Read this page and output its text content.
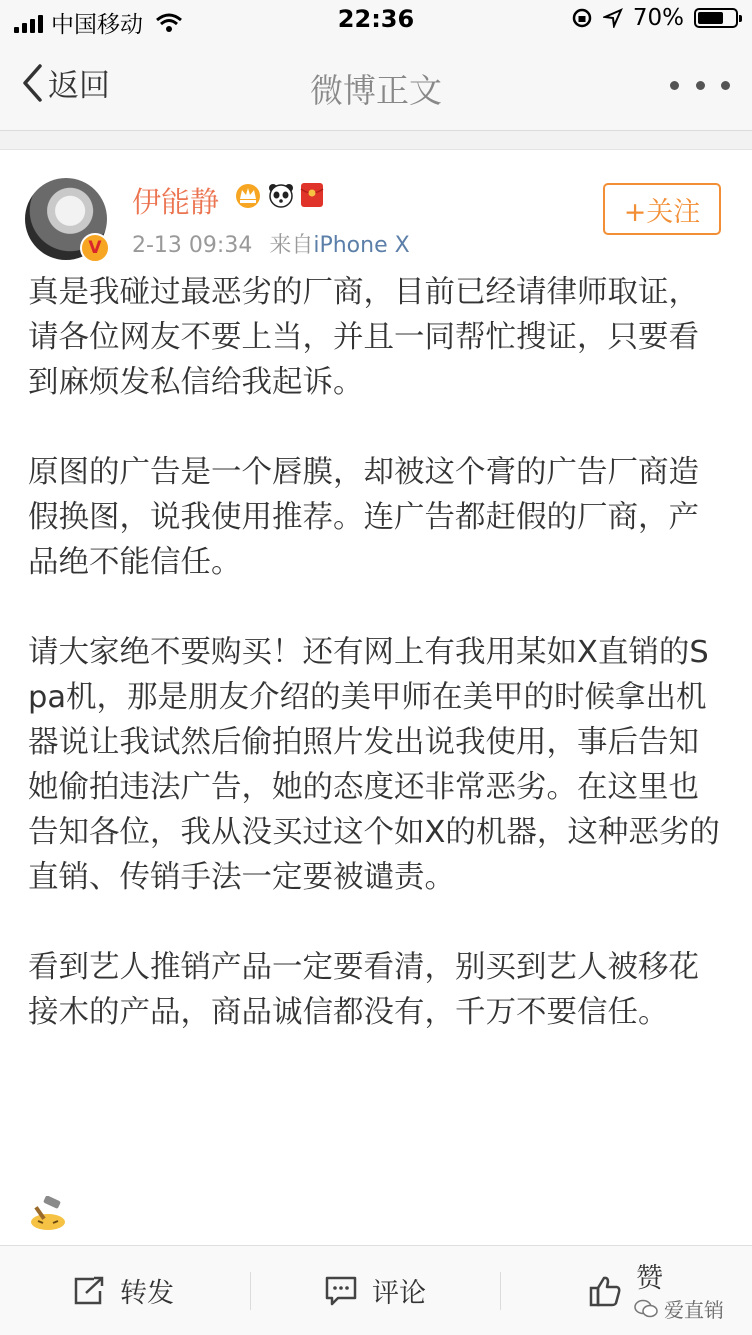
中国移动	22:36	70%
返回	微博正文
V
伊能静
2-13 09:34 来自iPhone X
+关注

真是我碰过最恶劣的厂商，目前已经请律师取证，请各位网友不要上当，并且一同帮忙搜证，只要看到麻烦发私信给我起诉。

原图的广告是一个唇膜，却被这个膏的广告厂商造假换图，说我使用推荐。连广告都赶假的厂商，产品绝不能信任。

请大家绝不要购买！还有网上有我用某如X直销的Spa机，那是朋友介绍的美甲师在美甲的时候拿出机器说让我试然后偷拍照片发出说我使用，事后告知她偷拍违法广告，她的态度还非常恶劣。在这里也告知各位，我从没买过这个如X的机器，这种恶劣的直销、传销手法一定要被谴责。

看到艺人推销产品一定要看清，别买到艺人被移花接木的产品，商品诚信都没有，千万不要信任。

转发	评论	赞
爱直销
